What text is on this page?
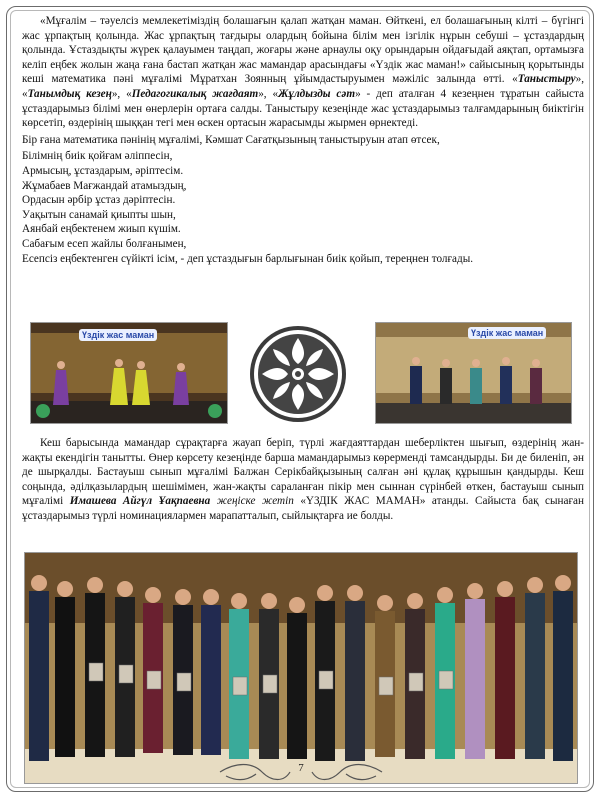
«Мұғалім – тәуелсіз мемлекетіміздің болашағын қалап жатқан маман. Өйткені, ел болашағының кілті – бүгінгі жас ұрпақтың қолында. Жас ұрпақтың тағдыры олардың бойына білім мен ізгілік нұрын себуші – ұстаздардың қолында. Ұстаздықты жүрек қалауымен таңдап, жоғары және арнаулы оқу орындарын ойдағыдай аяқтап, ортамызға келіп еңбек жолын жаңа ғана бастап жатқан жас мамандар арасындағы «Үздік жас маман!» сайысының қорытынды кеші математика пәні мұғалімі Мұратхан Зоянның ұйымдастыруымен мәжіліс залында өтті. «Таныстыру», «Танымдық кезең», «Педагогикалық жағдаят», «Жұлдызды сәт» - деп аталған 4 кезеңнен тұратын сайыста ұстаздарымыз білімі мен өнерлерін ортаға салды. Таныстыру кезеңінде жас ұстаздарымыз талғамдарының биіктігін көрсетіп, өздерінің шыққан тегі мен өскен ортасын жарасымды жырмен өрнектеді.

Бір ғана математика пәнінің мұғалімі, Кәмшат Сағатқызының таныстыруын атап өтсек,

Білімнің биік қойғам әліппесін,
Армысың, ұстаздарым, әріптесім.
Жұмабаев Мағжандай атамыздың,
Ордасын әрбір ұстаз дәріптесін.
Уақытын санамай қиыпты шын,
Аянбай еңбектенем жиып күшім.
Сабағым есеп жайлы болғанымен,
Есепсіз еңбектенген сүйікті ісім, - деп ұстаздығын барлығынан биік қойып, тереңнен толғады.
Үздік жас маман	Үздік жас маман

Кеш барысында мамандар сұрақтарға жауап беріп, түрлі жағдаяттардан шеберліктен шығып, өздерінің жан-жақты екендігін танытты. Өнер көрсету кезеңінде барша мамандарымыз көрерменді тамсандырды. Би де биленіп, ән де шырқалды. Бастауыш сынып мұғалімі Балжан Серікбайқызының салған әні құлақ құрышын қандырды. Кеш соңында, әділқазылардың шешімімен, жан-жақты сараланған пікір мен сыннан сүрінбей өткен, бастауыш сынып мұғалімі Имашева Айгүл Ұақпаевна жеңіске жетіп «ҮЗДІК ЖАС МАМАН» атанды. Сайыста бақ сынаған ұстаздарымыз түрлі номинациялармен марапатталып, сыйлықтарға ие болды.

7
